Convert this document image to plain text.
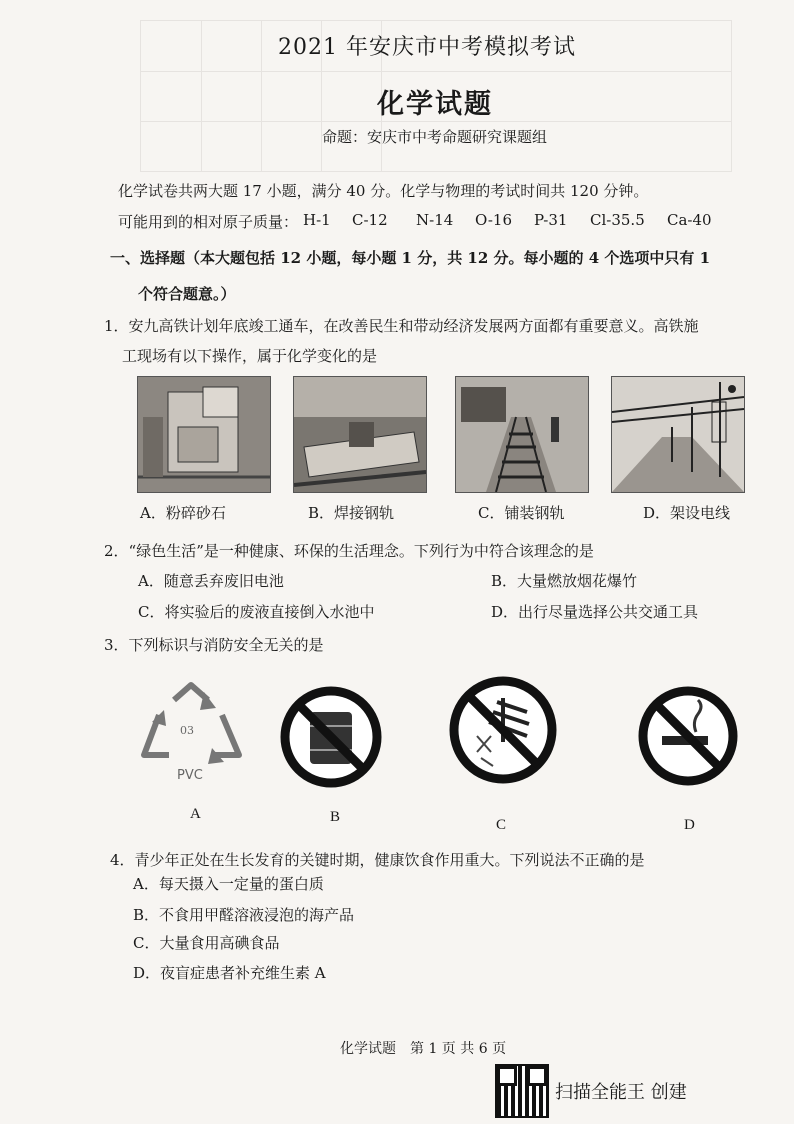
2021 年安庆市中考模拟考试
化学试题
命题：安庆市中考命题研究课题组
化学试卷共两大题 17 小题，满分 40 分。化学与物理的考试时间共 120 分钟。
可能用到的相对原子质量： H-1 C-12 N-14 O-16 P-31 Cl-35.5 Ca-40
一、选择题（本大题包括 12 小题，每小题 1 分，共 12 分。每小题的 4 个选项中只有 1
个符合题意。）
1．安九高铁计划年底竣工通车，在改善民生和带动经济发展两方面都有重要意义。高铁施
工现场有以下操作，属于化学变化的是
A．粉碎砂石	B．焊接钢轨	C．铺装钢轨	D．架设电线
2．“绿色生活”是一种健康、环保的生活理念。下列行为中符合该理念的是
A．随意丢弃废旧电池	B．大量燃放烟花爆竹
C．将实验后的废液直接倒入水池中	D．出行尽量选择公共交通工具
3．下列标识与消防安全无关的是
03
PVC
A	B	C	D
4．青少年正处在生长发育的关键时期，健康饮食作用重大。下列说法不正确的是
A．每天摄入一定量的蛋白质
B．不食用甲醛溶液浸泡的海产品
C．大量食用高碘食品
D．夜盲症患者补充维生素 A
化学试题　第 1 页 共 6 页
扫描全能王 创建
